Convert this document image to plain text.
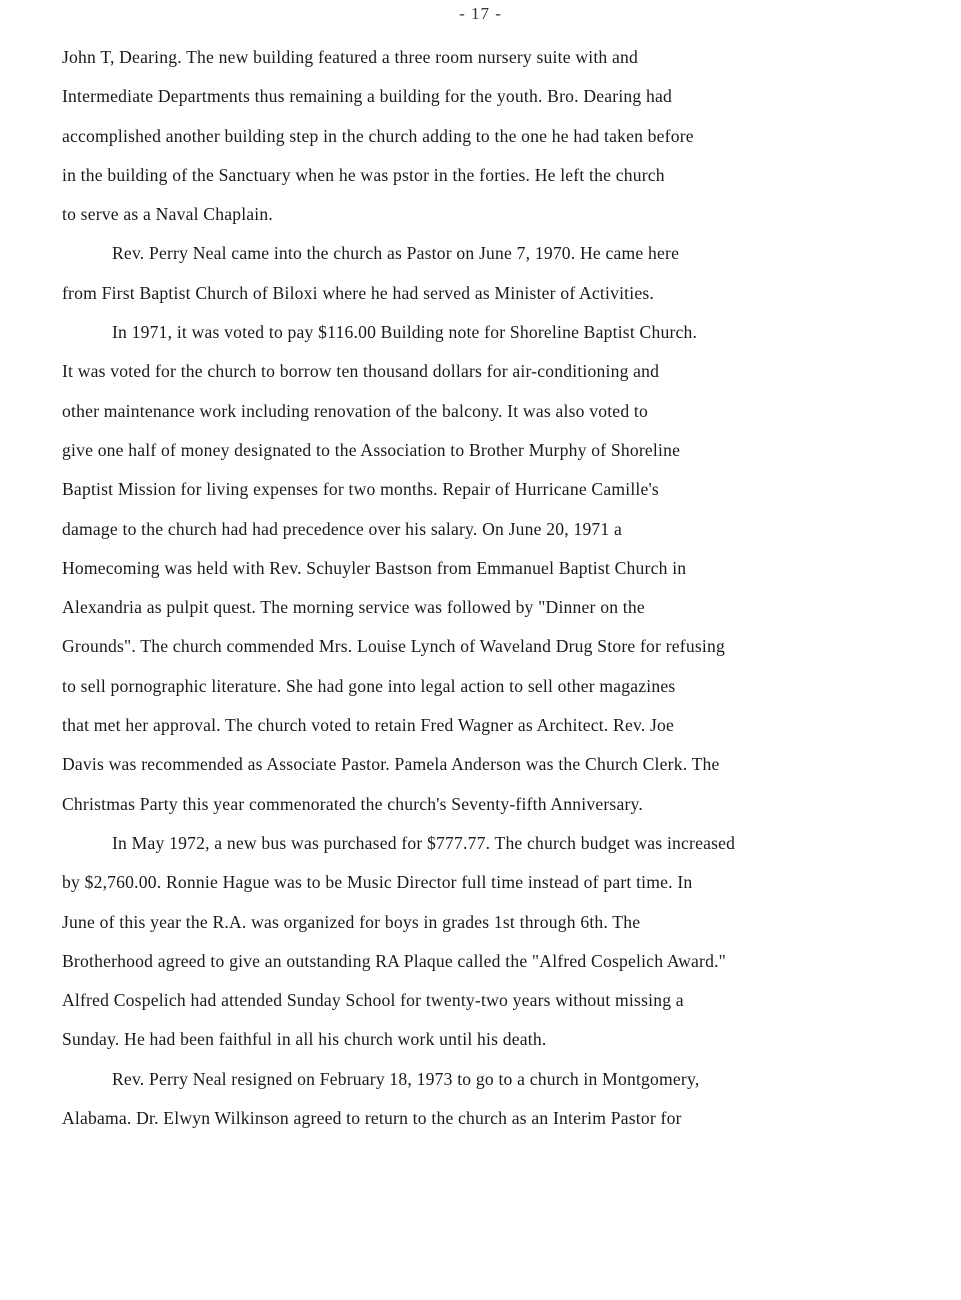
- 17 -
John T, Dearing. The new building featured a three room nursery suite with and
Intermediate Departments thus remaining a building for the youth. Bro. Dearing had
accomplished another building step in the church adding to the one he had taken before
in the building of the Sanctuary when he was pstor in the forties. He left the church
to serve as a Naval Chaplain.
Rev. Perry Neal came into the church as Pastor on June 7, 1970. He came here
from First Baptist Church of Biloxi where he had served as Minister of Activities.
In 1971, it was voted to pay $116.00 Building note for Shoreline Baptist Church.
It was voted for the church to borrow ten thousand dollars for air-conditioning and
other maintenance work including renovation of the balcony. It was also voted to
give one half of money designated to the Association to Brother Murphy of Shoreline
Baptist Mission for living expenses for two months. Repair of Hurricane Camille's
damage to the church had had precedence over his salary. On June 20, 1971 a
Homecoming was held with Rev. Schuyler Bastson from Emmanuel Baptist Church in
Alexandria as pulpit quest. The morning service was followed by "Dinner on the
Grounds". The church commended Mrs. Louise Lynch of Waveland Drug Store for refusing
to sell pornographic literature. She had gone into legal action to sell other magazines
that met her approval. The church voted to retain Fred Wagner as Architect. Rev. Joe
Davis was recommended as Associate Pastor. Pamela Anderson was the Church Clerk. The
Christmas Party this year commenorated the church's Seventy-fifth Anniversary.
In May 1972, a new bus was purchased for $777.77. The church budget was increased
by $2,760.00. Ronnie Hague was to be Music Director full time instead of part time. In
June of this year the R.A. was organized for boys in grades 1st through 6th. The
Brotherhood agreed to give an outstanding RA Plaque called the "Alfred Cospelich Award."
Alfred Cospelich had attended Sunday School for twenty-two years without missing a
Sunday. He had been faithful in all his church work until his death.
Rev. Perry Neal resigned on February 18, 1973 to go to a church in Montgomery,
Alabama. Dr. Elwyn Wilkinson agreed to return to the church as an Interim Pastor for
